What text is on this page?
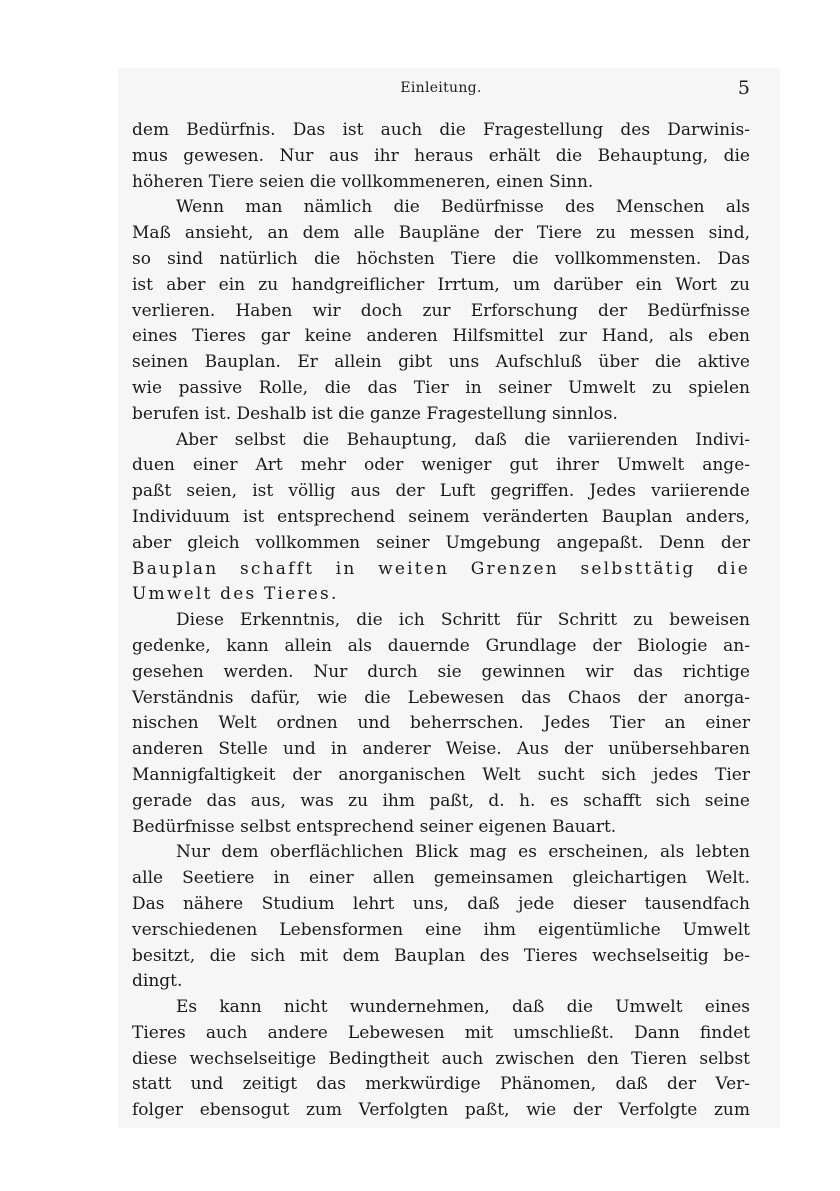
Einleitung.	5
dem Bedürfnis. Das ist auch die Fragestellung des Darwinis-
mus gewesen. Nur aus ihr heraus erhält die Behauptung, die
höheren Tiere seien die vollkommeneren, einen Sinn.
Wenn man nämlich die Bedürfnisse des Menschen als
Maß ansieht, an dem alle Baupläne der Tiere zu messen sind,
so sind natürlich die höchsten Tiere die vollkommensten. Das
ist aber ein zu handgreiflicher Irrtum, um darüber ein Wort zu
verlieren. Haben wir doch zur Erforschung der Bedürfnisse
eines Tieres gar keine anderen Hilfsmittel zur Hand, als eben
seinen Bauplan. Er allein gibt uns Aufschluß über die aktive
wie passive Rolle, die das Tier in seiner Umwelt zu spielen
berufen ist. Deshalb ist die ganze Fragestellung sinnlos.
Aber selbst die Behauptung, daß die variierenden Indivi-
duen einer Art mehr oder weniger gut ihrer Umwelt ange-
paßt seien, ist völlig aus der Luft gegriffen. Jedes variierende
Individuum ist entsprechend seinem veränderten Bauplan anders,
aber gleich vollkommen seiner Umgebung angepaßt. Denn der
Bauplan schafft in weiten Grenzen selbsttätig die
Umwelt des Tieres.
Diese Erkenntnis, die ich Schritt für Schritt zu beweisen
gedenke, kann allein als dauernde Grundlage der Biologie an-
gesehen werden. Nur durch sie gewinnen wir das richtige
Verständnis dafür, wie die Lebewesen das Chaos der anorga-
nischen Welt ordnen und beherrschen. Jedes Tier an einer
anderen Stelle und in anderer Weise. Aus der unübersehbaren
Mannigfaltigkeit der anorganischen Welt sucht sich jedes Tier
gerade das aus, was zu ihm paßt, d. h. es schafft sich seine
Bedürfnisse selbst entsprechend seiner eigenen Bauart.
Nur dem oberflächlichen Blick mag es erscheinen, als lebten
alle Seetiere in einer allen gemeinsamen gleichartigen Welt.
Das nähere Studium lehrt uns, daß jede dieser tausendfach
verschiedenen Lebensformen eine ihm eigentümliche Umwelt
besitzt, die sich mit dem Bauplan des Tieres wechselseitig be-
dingt.
Es kann nicht wundernehmen, daß die Umwelt eines
Tieres auch andere Lebewesen mit umschließt. Dann findet
diese wechselseitige Bedingtheit auch zwischen den Tieren selbst
statt und zeitigt das merkwürdige Phänomen, daß der Ver-
folger ebensogut zum Verfolgten paßt, wie der Verfolgte zum
